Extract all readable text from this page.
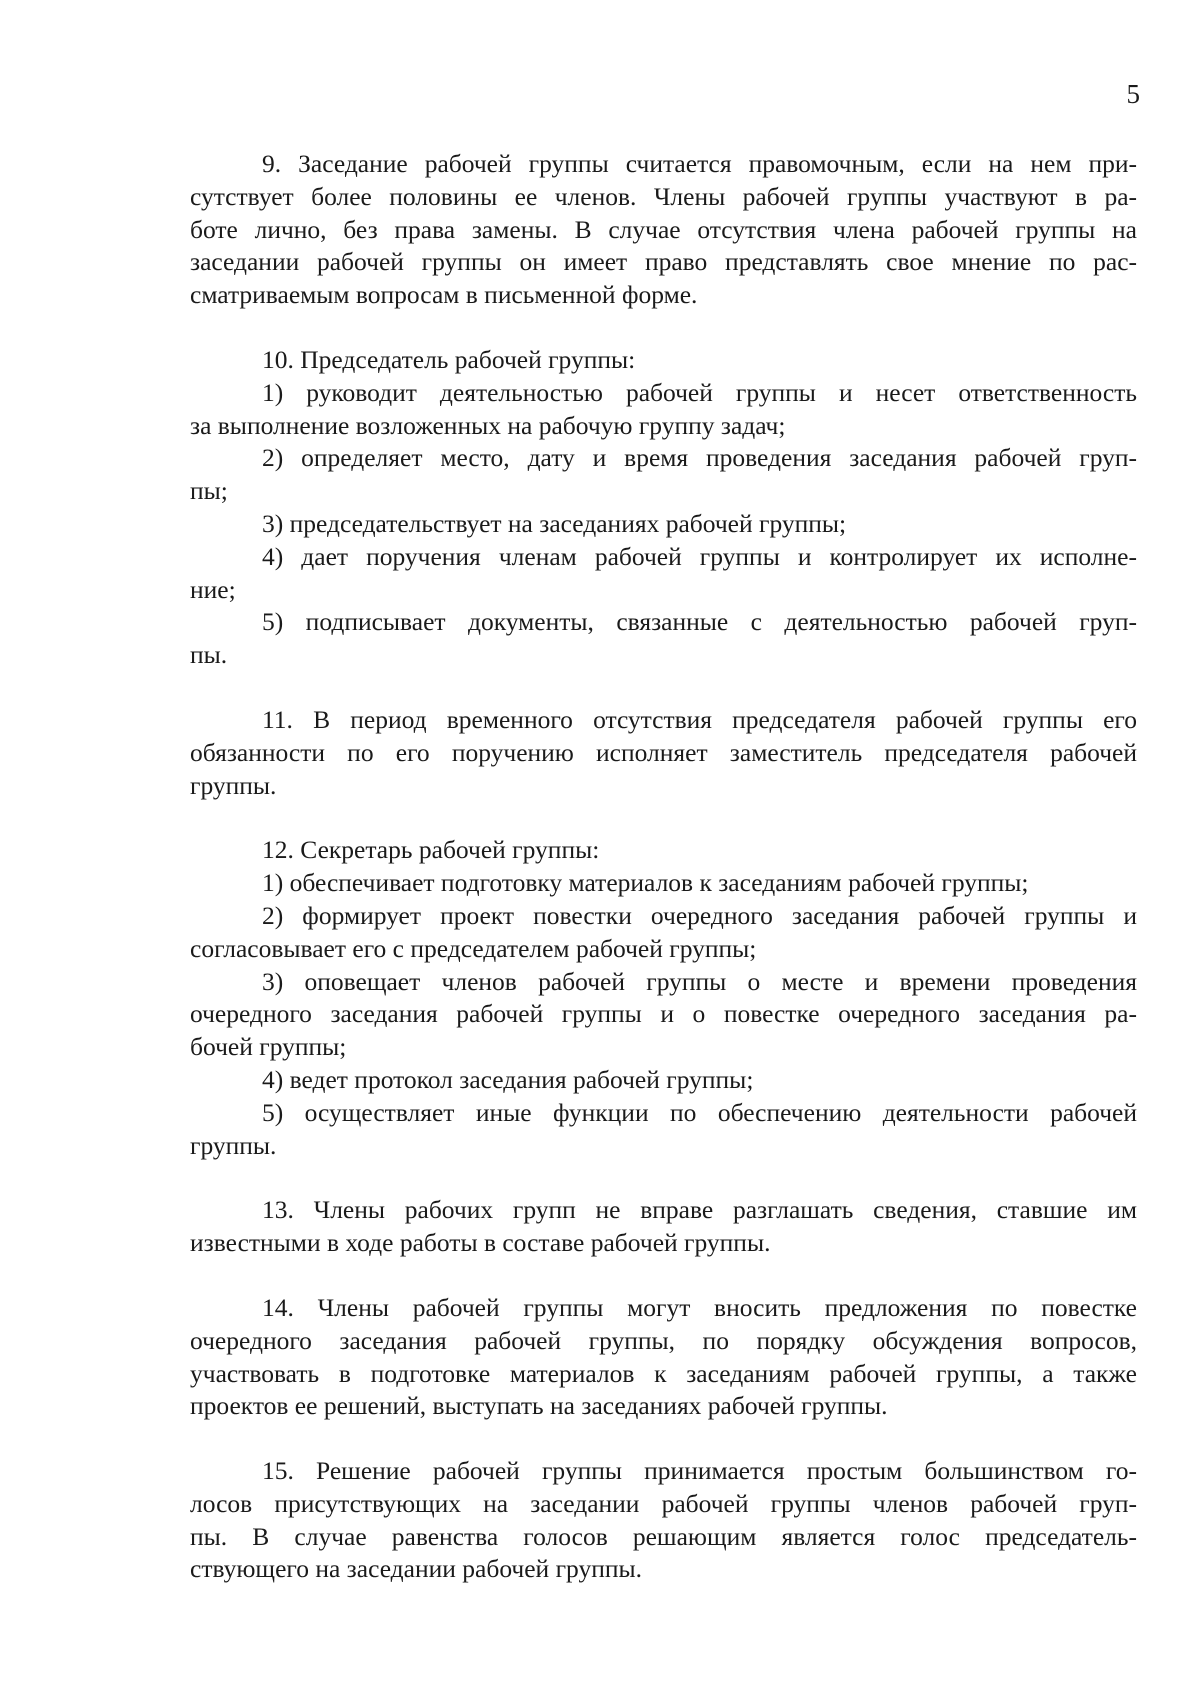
5
9. Заседание рабочей группы считается правомочным, если на нем при-
сутствует более половины ее членов. Члены рабочей группы участвуют в ра-
боте лично, без права замены. В случае отсутствия члена рабочей группы на
заседании рабочей группы он имеет право представлять свое мнение по рас-
сматриваемым вопросам в письменной форме.
10. Председатель рабочей группы:
1) руководит деятельностью рабочей группы и несет ответственность
за выполнение возложенных на рабочую группу задач;
2) определяет место, дату и время проведения заседания рабочей груп-
пы;
3) председательствует на заседаниях рабочей группы;
4) дает поручения членам рабочей группы и контролирует их исполне-
ние;
5) подписывает документы, связанные с деятельностью рабочей груп-
пы.
11. В период временного отсутствия председателя рабочей группы его
обязанности по его поручению исполняет заместитель председателя рабочей
группы.
12. Секретарь рабочей группы:
1) обеспечивает подготовку материалов к заседаниям рабочей группы;
2) формирует проект повестки очередного заседания рабочей группы и
согласовывает его с председателем рабочей группы;
3) оповещает членов рабочей группы о месте и времени проведения
очередного заседания рабочей группы и о повестке очередного заседания ра-
бочей группы;
4) ведет протокол заседания рабочей группы;
5) осуществляет иные функции по обеспечению деятельности рабочей
группы.
13. Члены рабочих групп не вправе разглашать сведения, ставшие им
известными в ходе работы в составе рабочей группы.
14. Члены рабочей группы могут вносить предложения по повестке
очередного заседания рабочей группы, по порядку обсуждения вопросов,
участвовать в подготовке материалов к заседаниям рабочей группы, а также
проектов ее решений, выступать на заседаниях рабочей группы.
15. Решение рабочей группы принимается простым большинством го-
лосов присутствующих на заседании рабочей группы членов рабочей груп-
пы. В случае равенства голосов решающим является голос председатель-
ствующего на заседании рабочей группы.
